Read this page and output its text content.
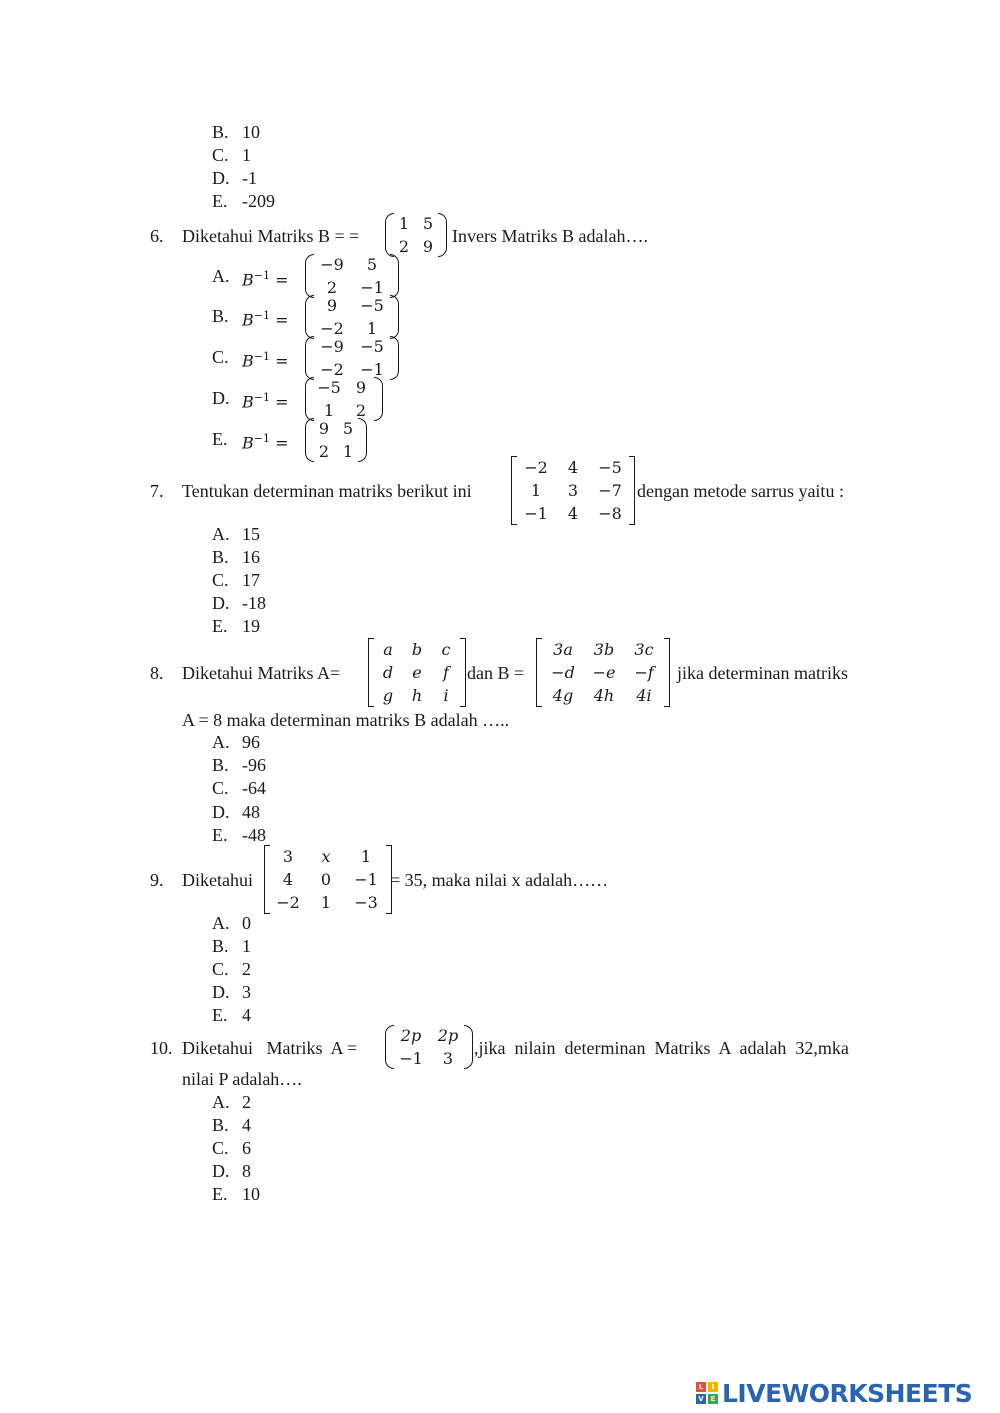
B. 10
C. 1
D. -1
E. -209
6. Diketahui Matriks B = =
1 5
2 9
Invers Matriks B adalah….
A. $B^{-1}$ =
−9	5
2	−1
B. $B^{-1}$ =
9	−5
−2	1
C. $B^{-1}$ =
−9	−5
−2	−1
D. $B^{-1}$ =
−5 9
1	2
E. $B^{-1}$ =
9 5
2 1
7. Tentukan determinan matriks berikut ini
−2	4	−5
1	3	−7
−1	4	−8
dengan metode sarrus yaitu :
A. 15
B. 16
C. 17
D. -18
E. 19
8. Diketahui Matriks A=
a	b	c
d	e	f
g	h	i
dan B =
3a	3b	3c
−d	−e	−f
4g	4h	4i
jika determinan matriks
A = 8 maka determinan matriks B adalah …..
A. 96
B. -96
C. -64
D. 48
E. -48
9. Diketahui
3	x	1
4	0	−1
−2	1	−3
= 35, maka nilai x adalah……
A. 0
B. 1
C. 2
D. 3
E. 4
10. Diketahui   Matriks  A =
2p	2p
−1	3
,jika  nilain  determinan  Matriks  A  adalah  32,mka
nilai P adalah….
A. 2
B. 4
C. 6
D. 8
E. 10
L	I
V E LIVEWORKSHEETS
